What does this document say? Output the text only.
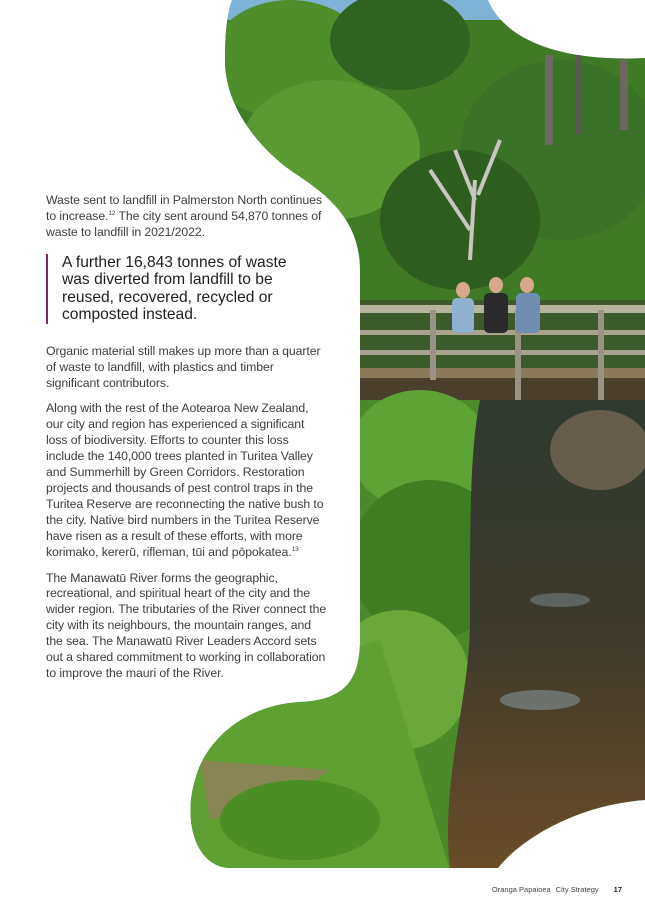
Waste sent to landfill in Palmerston North continues to increase.$^{12}$ The city sent around 54,870 tonnes of waste to landfill in 2021/2022.

A further 16,843 tonnes of waste was diverted from landfill to be reused, recovered, recycled or composted instead.

Organic material still makes up more than a quarter of waste to landfill, with plastics and timber significant contributors.

Along with the rest of the Aotearoa New Zealand, our city and region has experienced a significant loss of biodiversity. Efforts to counter this loss include the 140,000 trees planted in Turitea Valley and Summerhill by Green Corridors. Restoration projects and thousands of pest control traps in the Turitea Reserve are reconnecting the native bush to the city. Native bird numbers in the Turitea Reserve have risen as a result of these efforts, with more korimako, kererū, rifleman, tūi and pōpokatea.$^{13}$

The Manawatū River forms the geographic, recreational, and spiritual heart of the city and the wider region. The tributaries of the River connect the city with its neighbours, the mountain ranges, and the sea. The Manawatū River Leaders Accord sets out a shared commitment to working in collaboration to improve the mauri of the River.

Oranga Papaioea City Strategy 17
